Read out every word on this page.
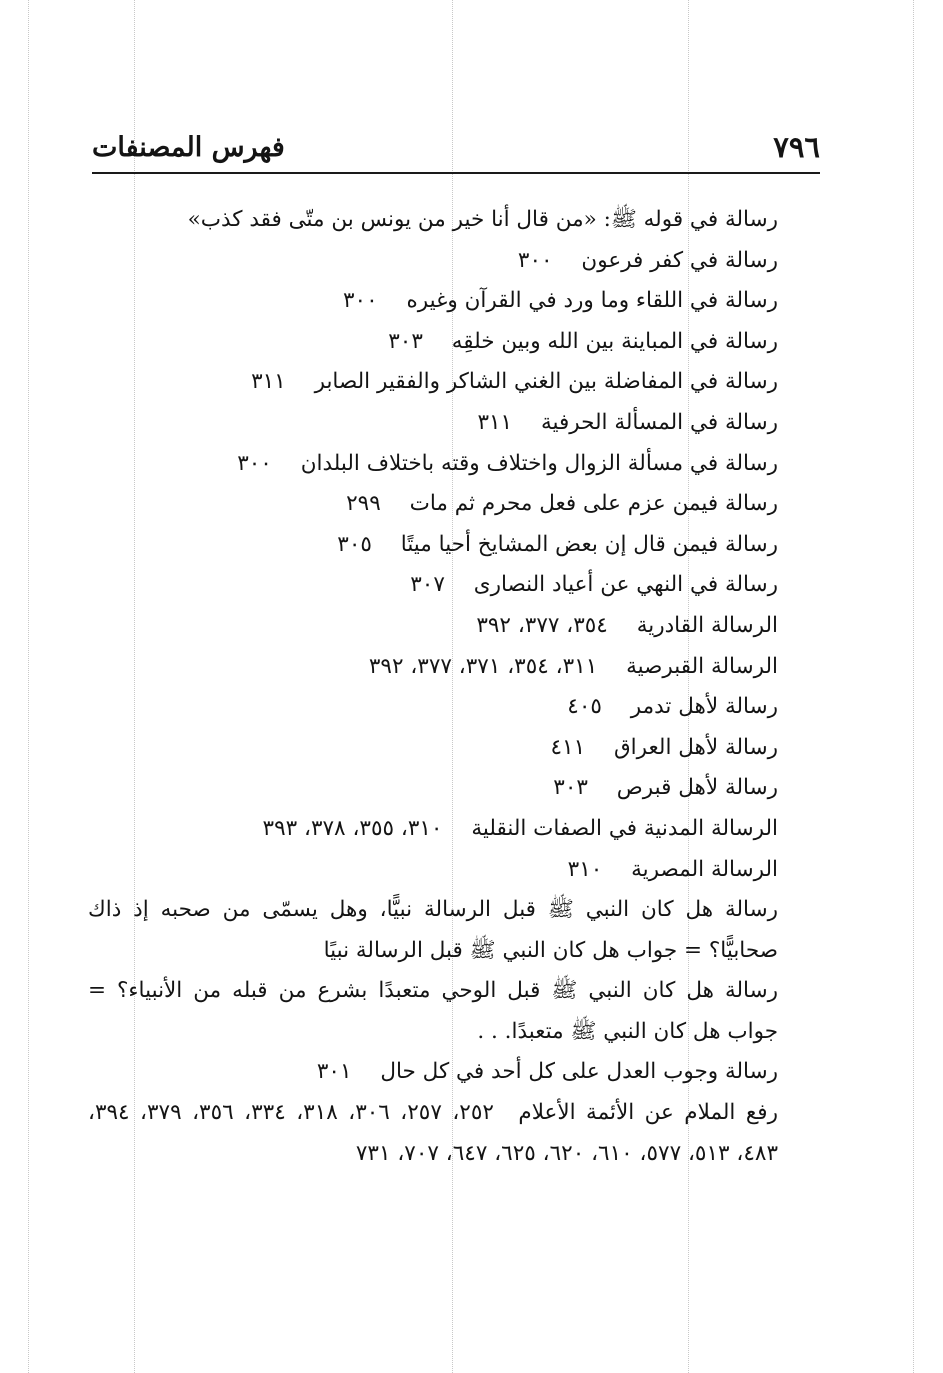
فهرس المصنفات	٧٩٦
رسالة في قوله ﷺ: «من قال أنا خير من يونس بن متّى فقد كذب»
رسالة في كفر فرعون ٣٠٠
رسالة في اللقاء وما ورد في القرآن وغيره ٣٠٠
رسالة في المباينة بين الله وبين خلقِه ٣٠٣
رسالة في المفاضلة بين الغني الشاكر والفقير الصابر ٣١١
رسالة في المسألة الحرفية ٣١١
رسالة في مسألة الزوال واختلاف وقته باختلاف البلدان ٣٠٠
رسالة فيمن عزم على فعل محرم ثم مات ٢٩٩
رسالة فيمن قال إن بعض المشايخ أحيا ميتًا ٣٠٥
رسالة في النهي عن أعياد النصارى ٣٠٧
الرسالة القادرية ٣٥٤، ٣٧٧، ٣٩٢
الرسالة القبرصية ٣١١، ٣٥٤، ٣٧١، ٣٧٧، ٣٩٢
رسالة لأهل تدمر ٤٠٥
رسالة لأهل العراق ٤١١
رسالة لأهل قبرص ٣٠٣
الرسالة المدنية في الصفات النقلية ٣١٠، ٣٥٥، ٣٧٨، ٣٩٣
الرسالة المصرية ٣١٠
رسالة هل كان النبي ﷺ قبل الرسالة نبيًّا، وهل يسمّى من صحبه إذ ذاك صحابيًّا؟ = جواب هل كان النبي ﷺ قبل الرسالة نبيًا
رسالة هل كان النبي ﷺ قبل الوحي متعبدًا بشرع من قبله من الأنبياء؟ = جواب هل كان النبي ﷺ متعبدًا. . .
رسالة وجوب العدل على كل أحد في كل حال ٣٠١
رفع الملام عن الأئمة الأعلام ٢٥٢، ٢٥٧، ٣٠٦، ٣١٨، ٣٣٤، ٣٥٦، ٣٧٩، ٣٩٤، ٤٨٣، ٥١٣، ٥٧٧، ٦١٠، ٦٢٠، ٦٢٥، ٦٤٧، ٧٠٧، ٧٣١
